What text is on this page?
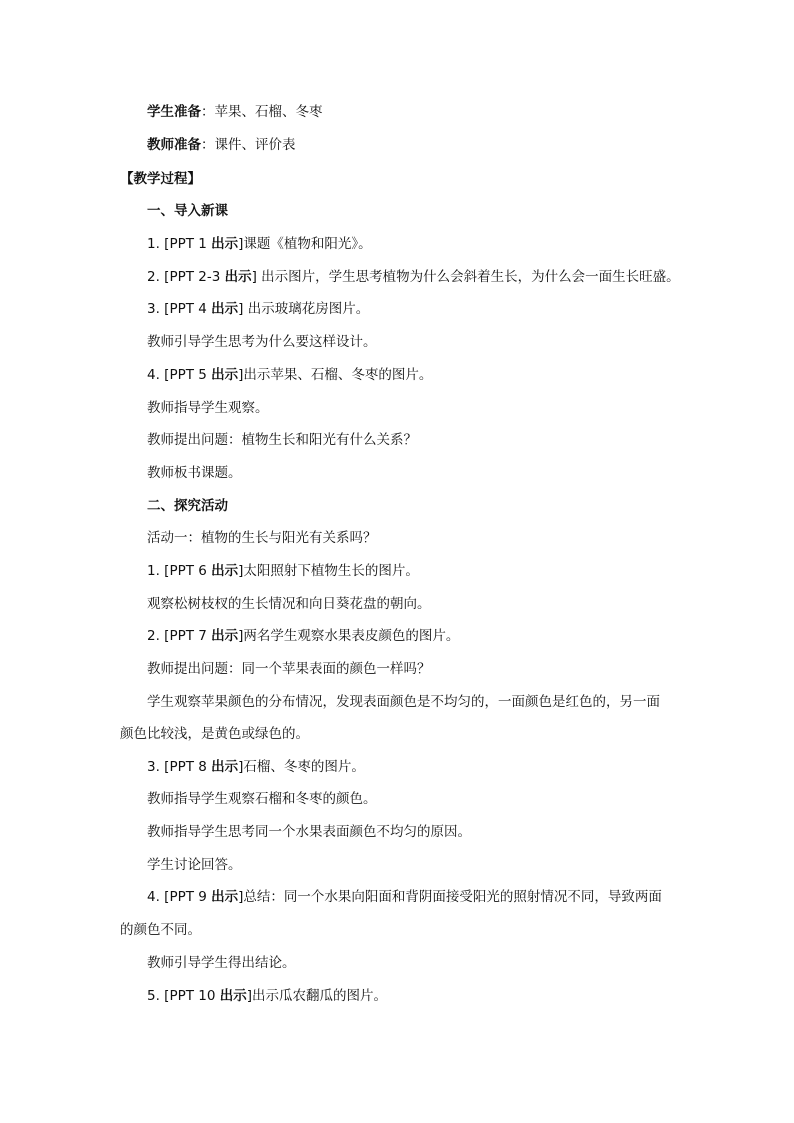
学生准备：苹果、石榴、冬枣
教师准备：课件、评价表
【教学过程】
一、导入新课
1. [PPT 1 出示]课题《植物和阳光》。
2. [PPT 2-3 出示] 出示图片，学生思考植物为什么会斜着生长，为什么会一面生长旺盛。
3. [PPT 4 出示] 出示玻璃花房图片。
教师引导学生思考为什么要这样设计。
4. [PPT 5 出示]出示苹果、石榴、冬枣的图片。
教师指导学生观察。
教师提出问题：植物生长和阳光有什么关系？
教师板书课题。
二、探究活动
活动一：植物的生长与阳光有关系吗？
1. [PPT 6 出示]太阳照射下植物生长的图片。
观察松树枝杈的生长情况和向日葵花盘的朝向。
2. [PPT 7 出示]两名学生观察水果表皮颜色的图片。
教师提出问题：同一个苹果表面的颜色一样吗？
学生观察苹果颜色的分布情况，发现表面颜色是不均匀的，一面颜色是红色的，另一面
颜色比较浅，是黄色或绿色的。
3. [PPT 8 出示]石榴、冬枣的图片。
教师指导学生观察石榴和冬枣的颜色。
教师指导学生思考同一个水果表面颜色不均匀的原因。
学生讨论回答。
4. [PPT 9 出示]总结：同一个水果向阳面和背阴面接受阳光的照射情况不同，导致两面
的颜色不同。
教师引导学生得出结论。
5. [PPT 10 出示]出示瓜农翻瓜的图片。
